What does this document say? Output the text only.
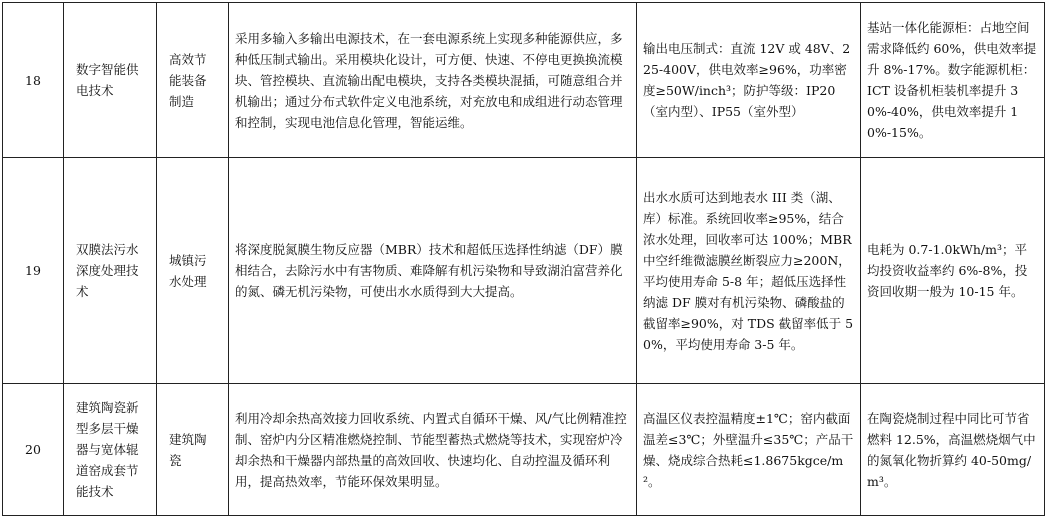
18	数字智能供电技术	高效节能装备制造	采用多输入多输出电源技术，在一套电源系统上实现多种能源供应，多种低压制式输出。采用模块化设计，可方便、快速、不停电更换换流模块、管控模块、直流输出配电模块，支持各类模块混插，可随意组合并机输出；通过分布式软件定义电池系统，对充放电和成组进行动态管理和控制，实现电池信息化管理，智能运维。	输出电压制式：直流 12V 或 48V、225-400V，供电效率≥96%，功率密度≥50W/inch³；防护等级：IP20（室内型）、IP55（室外型）	基站一体化能源柜：占地空间需求降低约 60%，供电效率提升 8%-17%。数字能源机柜：ICT 设备机柜装机率提升 30%-40%，供电效率提升 10%-15%。
19	双膜法污水深度处理技术	城镇污水处理	将深度脱氮膜生物反应器（MBR）技术和超低压选择性纳滤（DF）膜相结合，去除污水中有害物质、难降解有机污染物和导致湖泊富营养化的氮、磷无机污染物，可使出水水质得到大大提高。	出水水质可达到地表水 III 类（湖、库）标准。系统回收率≥95%，结合浓水处理，回收率可达 100%；MBR 中空纤维微滤膜丝断裂应力≥200N，平均使用寿命 5-8 年；超低压选择性纳滤 DF 膜对有机污染物、磷酸盐的截留率≥90%，对 TDS 截留率低于 50%，平均使用寿命 3-5 年。	电耗为 0.7-1.0kWh/m³；平均投资收益率约 6%-8%，投资回收期一般为 10-15 年。
20	建筑陶瓷新型多层干燥器与宽体辊道窑成套节能技术	建筑陶瓷	利用冷却余热高效接力回收系统、内置式自循环干燥、风/气比例精准控制、窑炉内分区精准燃烧控制、节能型蓄热式燃烧等技术，实现窑炉冷却余热和干燥器内部热量的高效回收、快速均化、自动控温及循环利用，提高热效率，节能环保效果明显。	高温区仪表控温精度±1℃；窑内截面温差≤3℃；外壁温升≤35℃；产品干燥、烧成综合热耗≤1.8675kgce/m²。	在陶瓷烧制过程中同比可节省燃料 12.5%，高温燃烧烟气中的氮氧化物折算约 40-50mg/m³。
